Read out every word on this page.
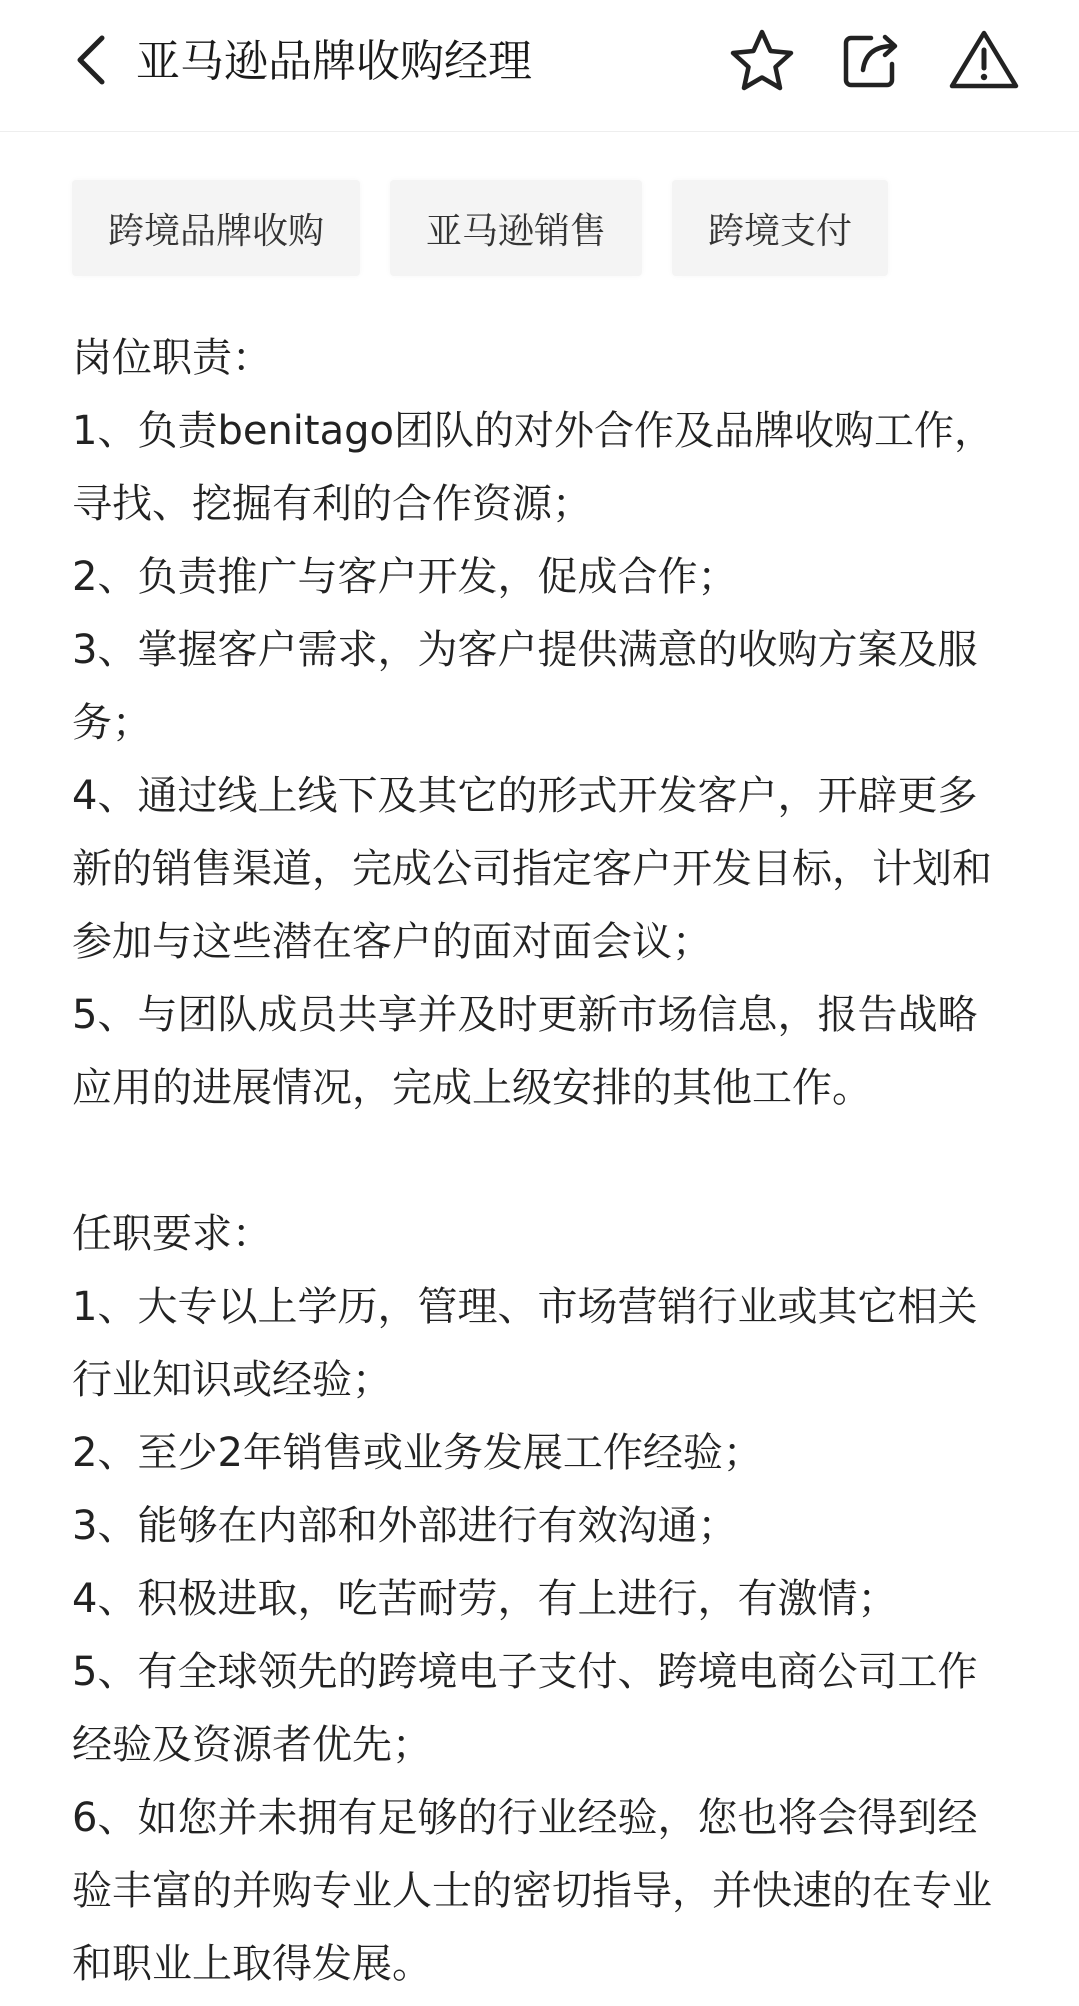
亚马逊品牌收购经理
跨境品牌收购	亚马逊销售	跨境支付

岗位职责：

1、负责benitago团队的对外合作及品牌收购工作，寻找、挖掘有利的合作资源；

2、负责推广与客户开发，促成合作；

3、掌握客户需求，为客户提供满意的收购方案及服务；

4、通过线上线下及其它的形式开发客户，开辟更多新的销售渠道，完成公司指定客户开发目标，计划和参加与这些潜在客户的面对面会议；

5、与团队成员共享并及时更新市场信息，报告战略应用的进展情况，完成上级安排的其他工作。

任职要求：

1、大专以上学历，管理、市场营销行业或其它相关行业知识或经验；

2、至少2年销售或业务发展工作经验；

3、能够在内部和外部进行有效沟通；

4、积极进取，吃苦耐劳，有上进行，有激情；

5、有全球领先的跨境电子支付、跨境电商公司工作经验及资源者优先；

6、如您并未拥有足够的行业经验，您也将会得到经验丰富的并购专业人士的密切指导，并快速的在专业和职业上取得发展。
